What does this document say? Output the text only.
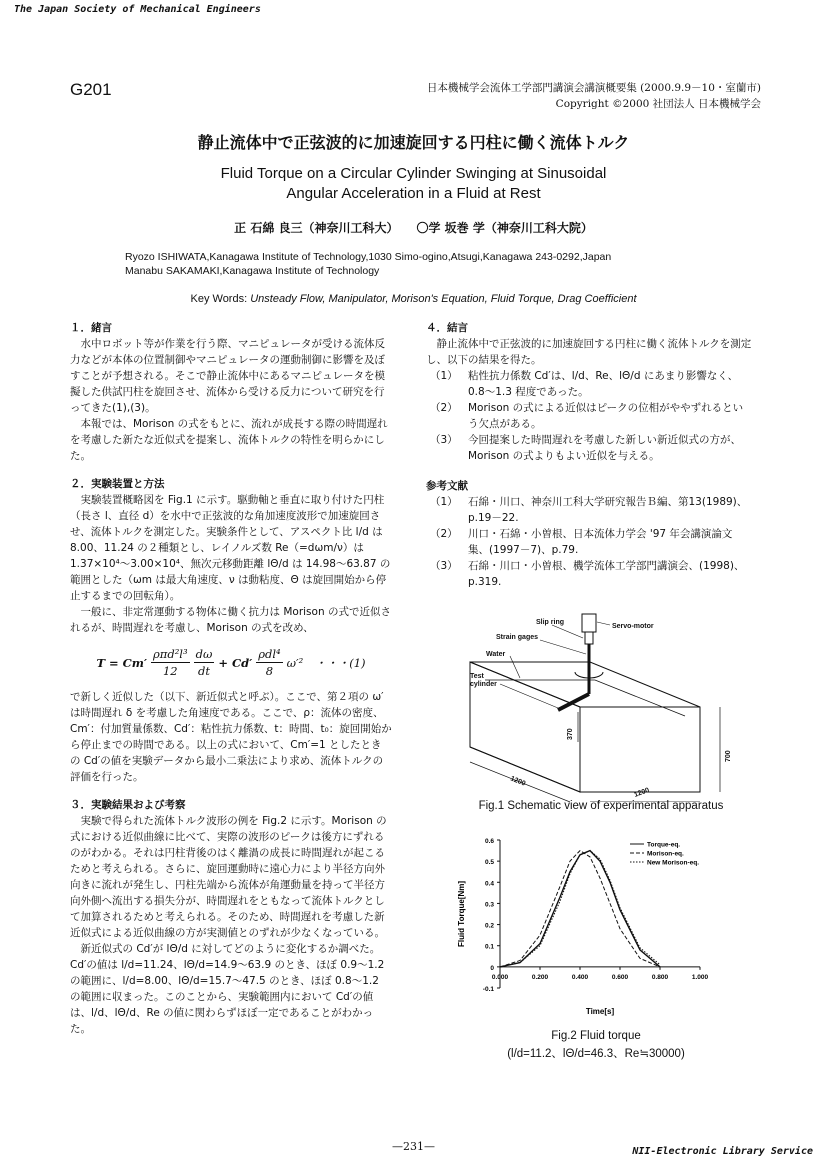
The Japan Society of Mechanical Engineers
G201	日本機械学会流体工学部門講演会講演概要集 (2000.9.9－10・室蘭市)
Copyright ©2000 社団法人 日本機械学会
静止流体中で正弦波的に加速旋回する円柱に働く流体トルク
Fluid Torque on a Circular Cylinder Swinging at Sinusoidal
Angular Acceleration in a Fluid at Rest
正 石綿 良三（神奈川工科大）　　〇学 坂巻 学（神奈川工科大院）
Ryozo ISHIWATA,Kanagawa Institute of Technology,1030 Simo-ogino,Atsugi,Kanagawa 243-0292,Japan
Manabu SAKAMAKI,Kanagawa Institute of Technology
Key Words: Unsteady Flow, Manipulator, Morison's Equation, Fluid Torque, Drag Coefficient
１．緒言

水中ロボット等が作業を行う際、マニピュレータが受ける流体反力などが本体の位置制御やマニピュレータの運動制御に影響を及ぼすことが予想される。そこで静止流体中にあるマニピュレータを模擬した供試円柱を旋回させ、流体から受ける反力について研究を行ってきた(1),(3)。

本報では、Morison の式をもとに、流れが成長する際の時間遅れを考慮した新たな近似式を提案し、流体トルクの特性を明らかにした。

２．実験装置と方法

実験装置概略図を Fig.1 に示す。駆動軸と垂直に取り付けた円柱（長さ l、直径 d）を水中で正弦波的な角加速度波形で加速旋回させ、流体トルクを測定した。実験条件として、アスペクト比 l/d は 8.00、11.24 の２種類とし、レイノルズ数 Re（=dωm/ν）は 1.37×10⁴〜3.00×10⁴、無次元移動距離 lΘ/d は 14.98〜63.87 の範囲とした（ωm は最大角速度、ν は動粘度、Θ は旋回開始から停止するまでの回転角）。

一般に、非定常運動する物体に働く抗力は Morison の式で近似されるが、時間遅れを考慮し、Morison の式を改め、

T = Cm′
ρπd²l³
$12 \frac{d\omega}{dt} + Cd'$
ρdl⁴
8
ω′²　・・・(1)

で新しく近似した（以下、新近似式と呼ぶ）。ここで、第２項の ω′は時間遅れ δ を考慮した角速度である。ここで、ρ：流体の密度、Cm′：付加質量係数、Cd′：粘性抗力係数、t：時間、t₀：旋回開始から停止までの時間である。以上の式において、Cm′=1 としたときの Cd′の値を実験データから最小二乗法により求め、流体トルクの評価を行った。

３．実験結果および考察

実験で得られた流体トルク波形の例を Fig.2 に示す。Morison の式における近似曲線に比べて、実際の波形のピークは後方にずれるのがわかる。それは円柱背後のはく離渦の成長に時間遅れが起こるためと考えられる。さらに、旋回運動時に遠心力により半径方向外向きに流れが発生し、円柱先端から流体が角運動量を持って半径方向外側へ流出する損失分が、時間遅れをともなって流体トルクとして加算されるためと考えられる。そのため、時間遅れを考慮した新近似式による近似曲線の方が実測値とのずれが少なくなっている。

新近似式の Cd′が lΘ/d に対してどのように変化するか調べた。Cd′の値は l/d=11.24、lΘ/d=14.9〜63.9 のとき、ほぼ 0.9〜1.2 の範囲に、l/d=8.00、lΘ/d=15.7〜47.5 のとき、ほぼ 0.8〜1.2 の範囲に収まった。このことから、実験範囲内において Cd′の値は、l/d、lΘ/d、Re の値に関わらずほぼ一定であることがわかった。

４．結言

静止流体中で正弦波的に加速旋回する円柱に働く流体トルクを測定し、以下の結果を得た。

（1） 粘性抗力係数 Cd′は、l/d、Re、lΘ/d にあまり影響なく、0.8〜1.3 程度であった。
（2） Morison の式による近似はピークの位相がややずれるという欠点がある。
（3） 今回提案した時間遅れを考慮した新しい新近似式の方が、Morison の式よりもよい近似を与える。
参考文献
（1） 石綿・川口、神奈川工科大学研究報告Ｂ編、第13(1989)、p.19－22.
（2） 川口・石綿・小曽根、日本流体力学会 '97 年会講演論文集、(1997－7)、p.79.
（3） 石綿・川口・小曽根、機学流体工学部門講演会、(1998)、p.319.
Slip ring
Servo-motor
Strain gages
Water
Test
cylinder
370
700
1200
1200
Fig.1 Schematic view of experimental apparatus
-0.1
0
0.1
0.2
0.3
0.4
0.5
0.6
0.000	0.200	0.400	0.600	0.800	1.000
Time[s]
Fluid Torque[Nm]
Torque-eq.
Morison-eq.
New Morison-eq.
Fig.2 Fluid torque
(l/d=11.2、lΘ/d=46.3、Re≒30000)
—231—	NII-Electronic Library Service
